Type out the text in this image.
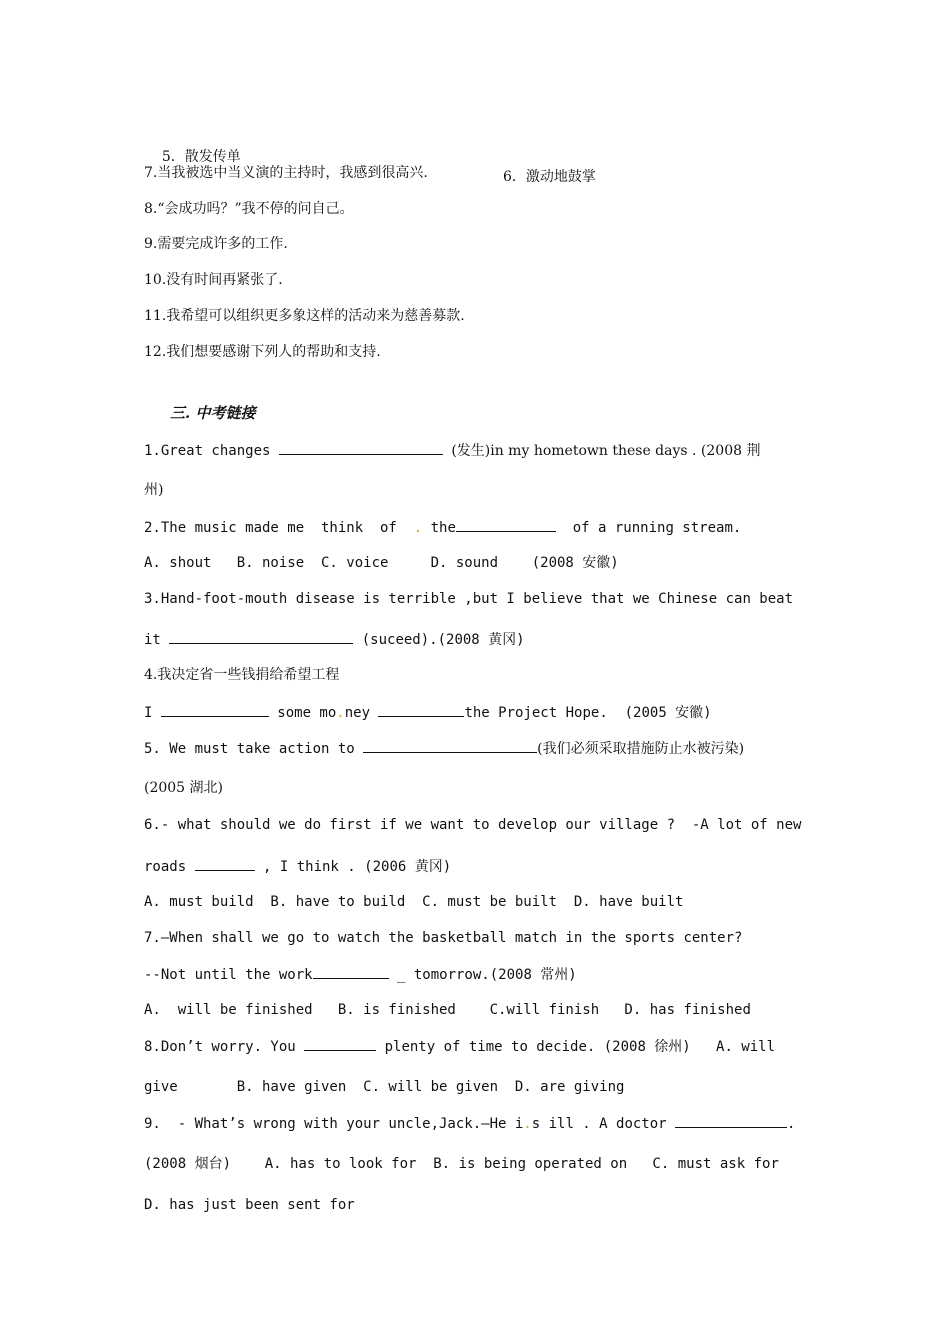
5．散发传单

6．激动地鼓掌

7.当我被选中当义演的主持时，我感到很高兴.
8.“会成功吗？”我不停的问自己。
9.需要完成许多的工作.
10.没有时间再紧张了.
11.我希望可以组织更多象这样的活动来为慈善募款.
12.我们想要感谢下列人的帮助和支持.
三. 中考链接
1.Great changes	(发生)in my hometown these days . (2008 荆
州)
2.The music made me  think  of  . the	of a running stream.
A. shout   B. noise  C. voice     D. sound    (2008 安徽)
3.Hand-foot-mouth disease is terrible ,but I believe that we Chinese can beat
it	(suceed).(2008 黄冈)
4.我决定省一些钱捐给希望工程
I	some mo.ney	the Project Hope.  (2005 安徽)
5. We must take action to	(我们必须采取措施防止水被污染)
(2005 湖北)
6.- what should we do first if we want to develop our village ?  -A lot of new
roads	, I think . (2006 黄冈)
A. must build  B. have to build  C. must be built  D. have built
7.—When shall we go to watch the basketball match in the sports center?
--Not until the work	_ tomorrow.(2008 常州)
A.  will be finished   B. is finished    C.will finish   D. has finished
8.Don’t worry. You	plenty of time to decide. (2008 徐州)   A. will
give       B. have given  C. will be given  D. are giving
9.  - What’s wrong with your uncle,Jack.—He i.s ill . A doctor	.
(2008 烟台)    A. has to look for  B. is being operated on   C. must ask for
D. has just been sent for
